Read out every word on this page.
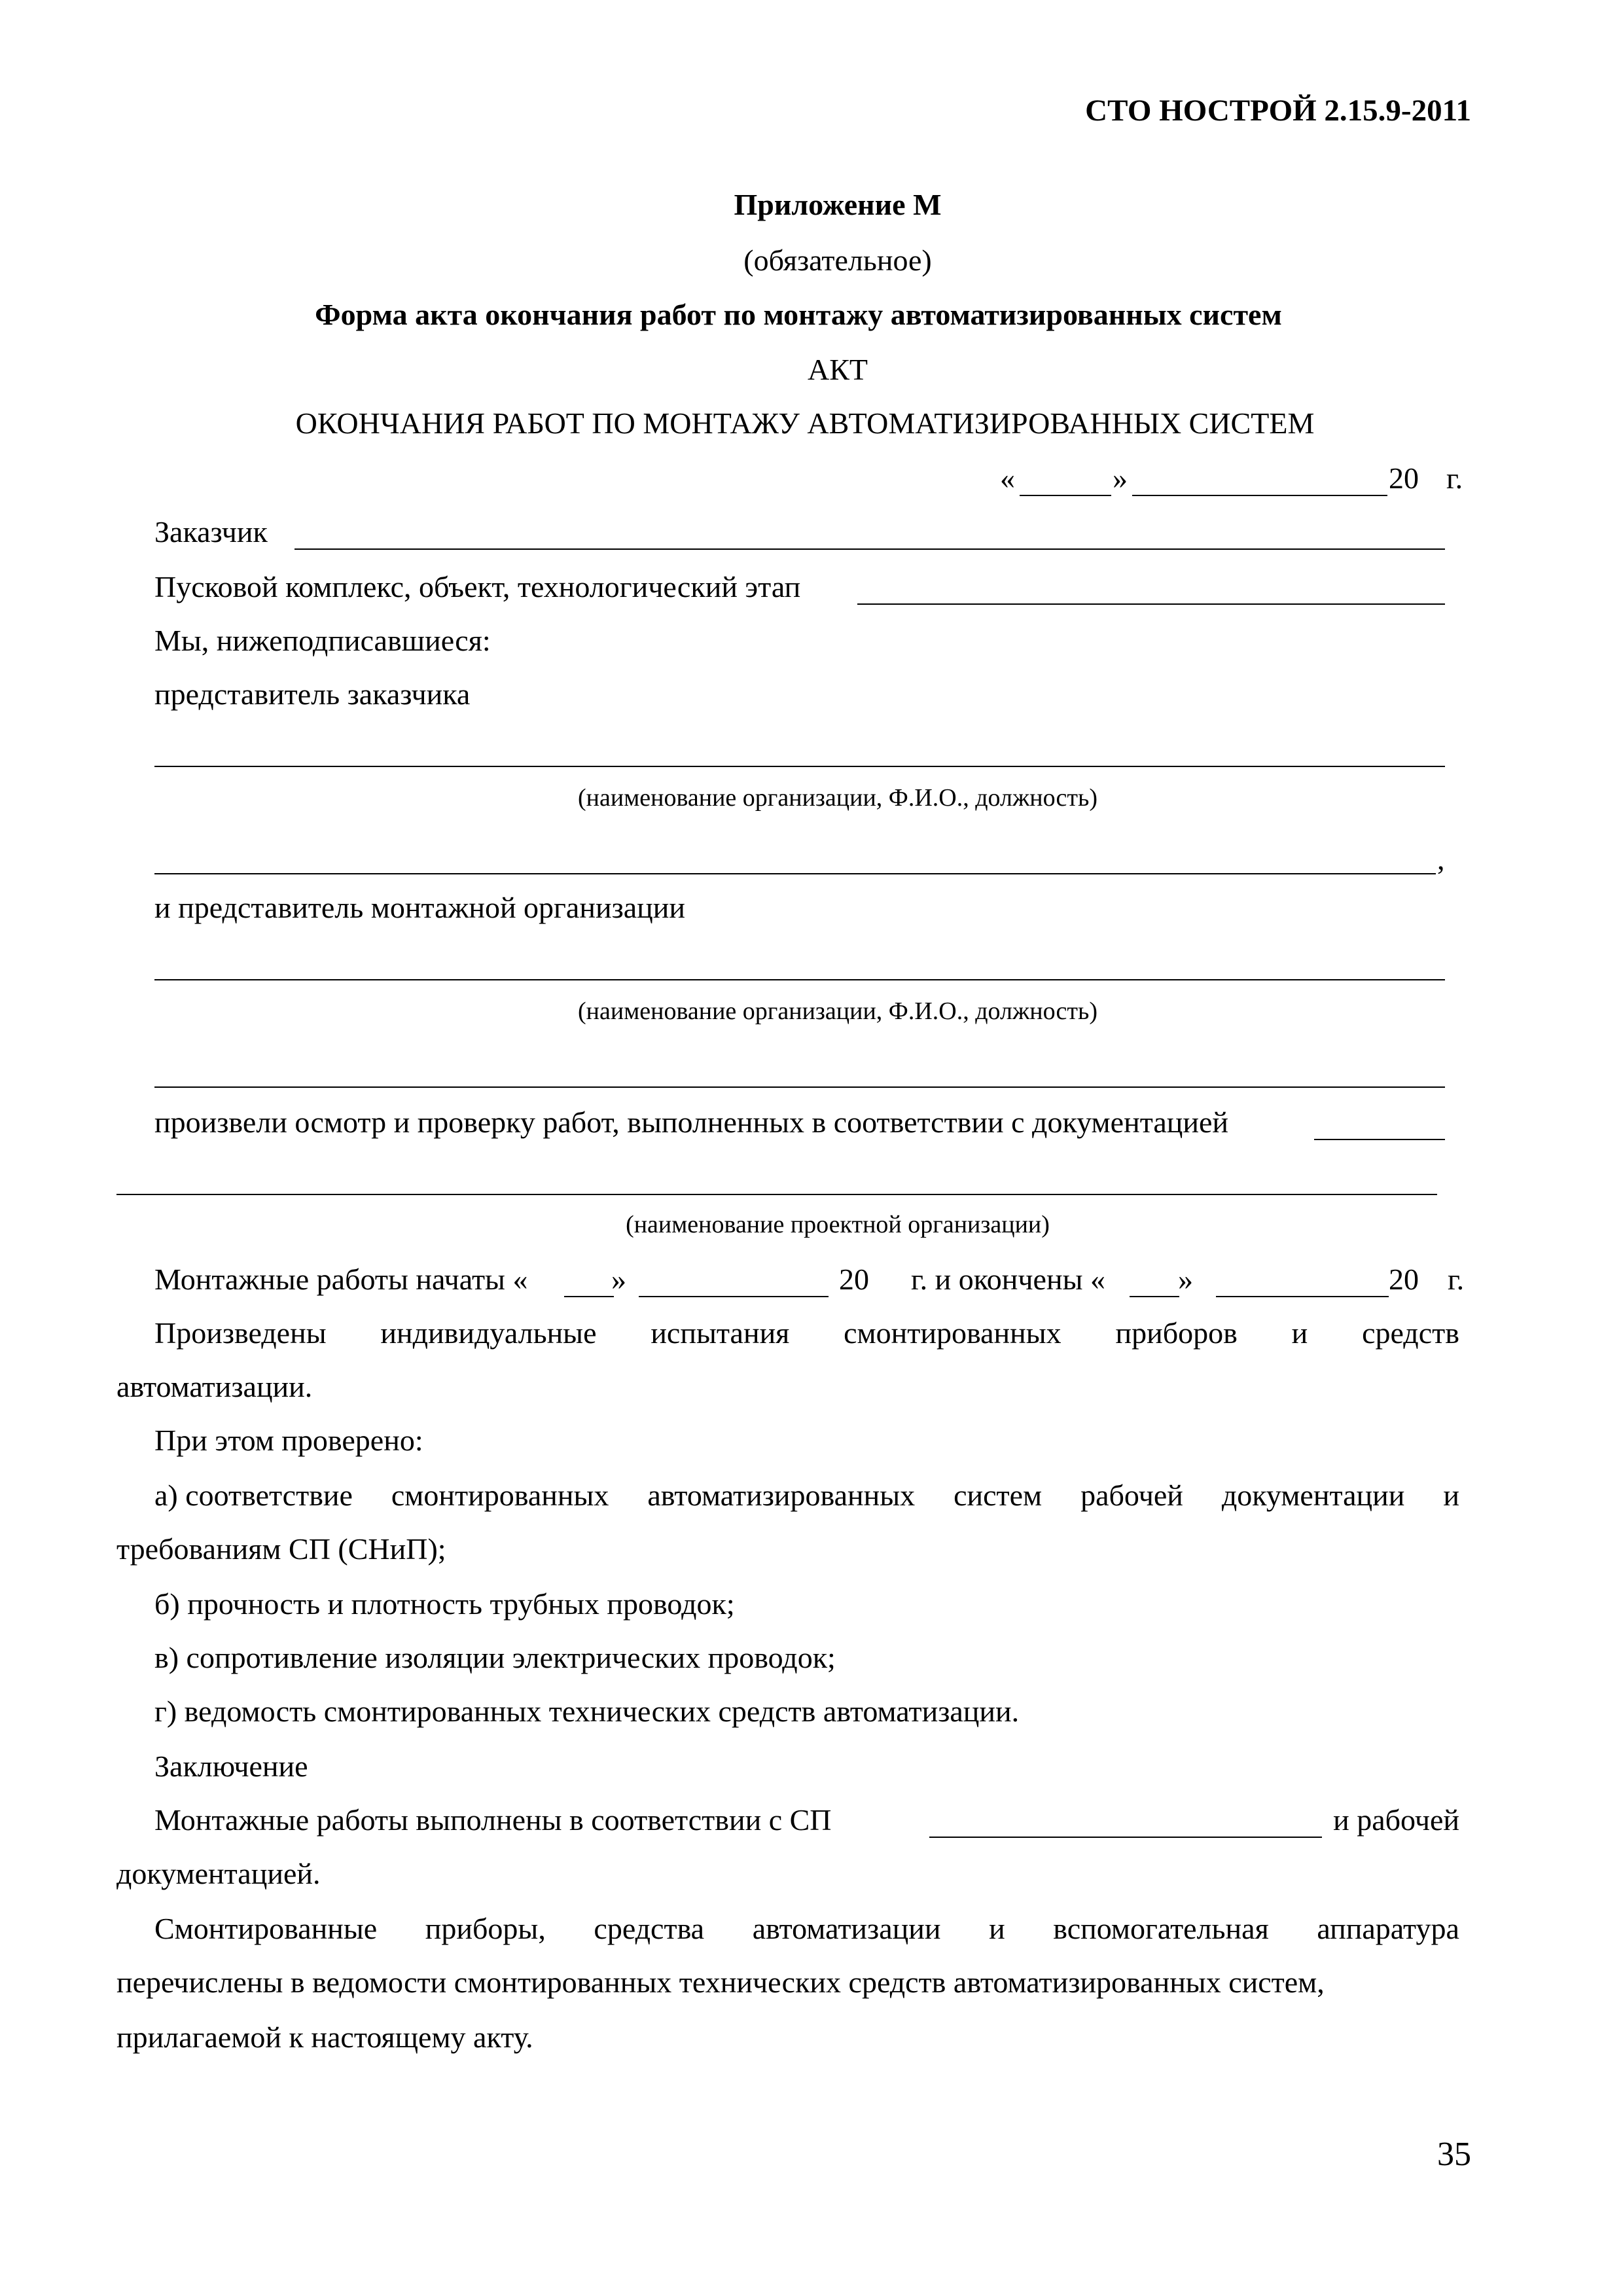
СТО НОСТРОЙ 2.15.9-2011
Приложение М
(обязательное)
Форма акта окончания работ по монтажу автоматизированных систем
АКТ
ОКОНЧАНИЯ РАБОТ ПО МОНТАЖУ АВТОМАТИЗИРОВАННЫХ СИСТЕМ
«	»	20 г.
Заказчик
Пусковой комплекс, объект, технологический этап
Мы, нижеподписавшиеся:
представитель заказчика
(наименование организации, Ф.И.О., должность)
,
и представитель монтажной организации
(наименование организации, Ф.И.О., должность)
произвели осмотр и проверку работ, выполненных в соответствии с документацией
(наименование проектной организации)
Монтажные работы начаты «	»	20 г. и окончены « »	20 г.
Произведены индивидуальные испытания смонтированных приборов и средств
автоматизации.
При этом проверено:
а) соответствие смонтированных автоматизированных систем рабочей документации и
требованиям СП (СНиП);
б) прочность и плотность трубных проводок;
в) сопротивление изоляции электрических проводок;
г) ведомость смонтированных технических средств автоматизации.
Заключение
Монтажные работы выполнены в соответствии с СП	и рабочей
документацией.
Смонтированные приборы, средства автоматизации и вспомогательная аппаратура
перечислены в ведомости смонтированных технических средств автоматизированных систем,
прилагаемой к настоящему акту.
35
